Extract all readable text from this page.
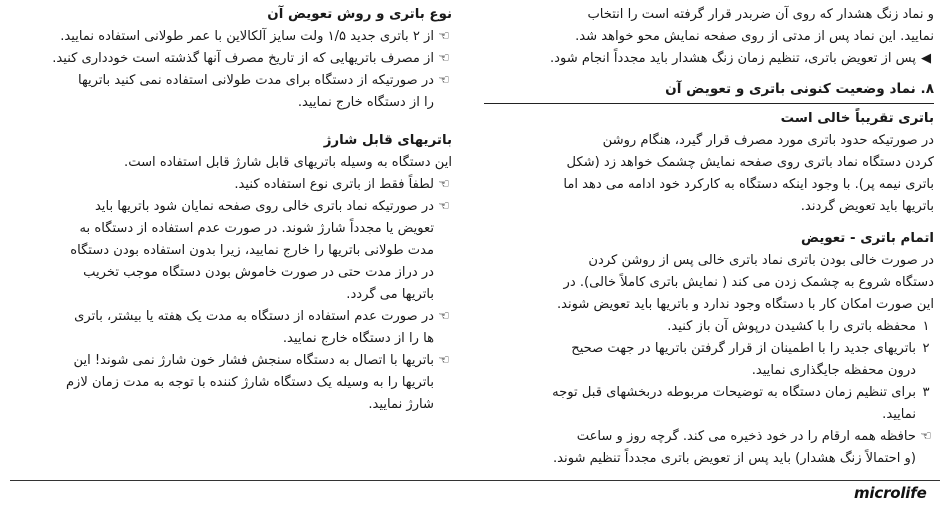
و نماد زنگ هشدار که روی آن ضربدر قرار گرفته است را انتخاب

نمایید. این نماد پس از مدتی از روی صفحه نمایش محو خواهد شد.

◀
پس از تعویض باتری، تنظیم زمان زنگ هشدار باید مجدداً انجام شود.

۸. نماد وضعیت کنونی باتری و تعویض آن

باتری تقریباً خالی است

در صورتیکه حدود باتری مورد مصرف قرار گیرد، هنگام روشن

کردن دستگاه نماد باتری روی صفحه نمایش چشمک خواهد زد (شکل

باتری نیمه پر). با وجود اینکه دستگاه به کارکرد خود ادامه می دهد اما

باتریها باید تعویض گردند.

اتمام باتری - تعویض

در صورت خالی بودن باتری نماد باتری خالی پس از روشن کردن

دستگاه شروع به چشمک زدن می کند ( نمایش باتری کاملاً خالی). در

این صورت امکان کار با دستگاه وجود ندارد و باتریها باید تعویض شوند.

۱
محفظه باتری را با کشیدن درپوش آن باز کنید.

۲
باتریهای جدید را با اطمینان از قرار گرفتن باتریها در جهت صحیح
درون محفظه جایگذاری نمایید.

۳
برای تنظیم زمان دستگاه به توضیحات مربوطه دربخشهای قبل توجه
نمایید.

☜
حافظه همه ارقام را در خود ذخیره می کند. گرچه روز و ساعت
(و احتمالاً زنگ هشدار) باید پس از تعویض باتری مجدداً تنظیم شوند.

نوع باتری و روش تعویض آن

☜
از ۲ باتری جدید ۱/۵ ولت سایز آلکالاین با عمر طولانی استفاده نمایید.

☜
از مصرف باتریهایی که از تاریخ مصرف آنها گذشته است خودداری کنید.

☜
در صورتیکه از دستگاه برای مدت طولانی استفاده نمی کنید باتریها
را از دستگاه خارج نمایید.

باتریهای قابل شارژ

این دستگاه به وسیله باتریهای قابل شارژ قابل استفاده است.

☜
لطفاً فقط از باتری نوع استفاده کنید.

☜
در صورتیکه نماد باتری خالی روی صفحه نمایان شود باتریها باید
تعویض یا مجدداً شارژ شوند. در صورت عدم استفاده از دستگاه به
مدت طولانی باتریها را خارج نمایید، زیرا بدون استفاده بودن دستگاه
در دراز مدت حتی در صورت خاموش بودن دستگاه موجب تخریب
باتریها می گردد.

☜
در صورت عدم استفاده از دستگاه به مدت یک هفته یا بیشتر، باتری
ها را از دستگاه خارج نمایید.

☜
باتریها با اتصال به دستگاه سنجش فشار خون شارژ نمی شوند! این
باتریها را به وسیله یک دستگاه شارژ کننده با توجه به مدت زمان لازم
شارژ نمایید.

microlife
